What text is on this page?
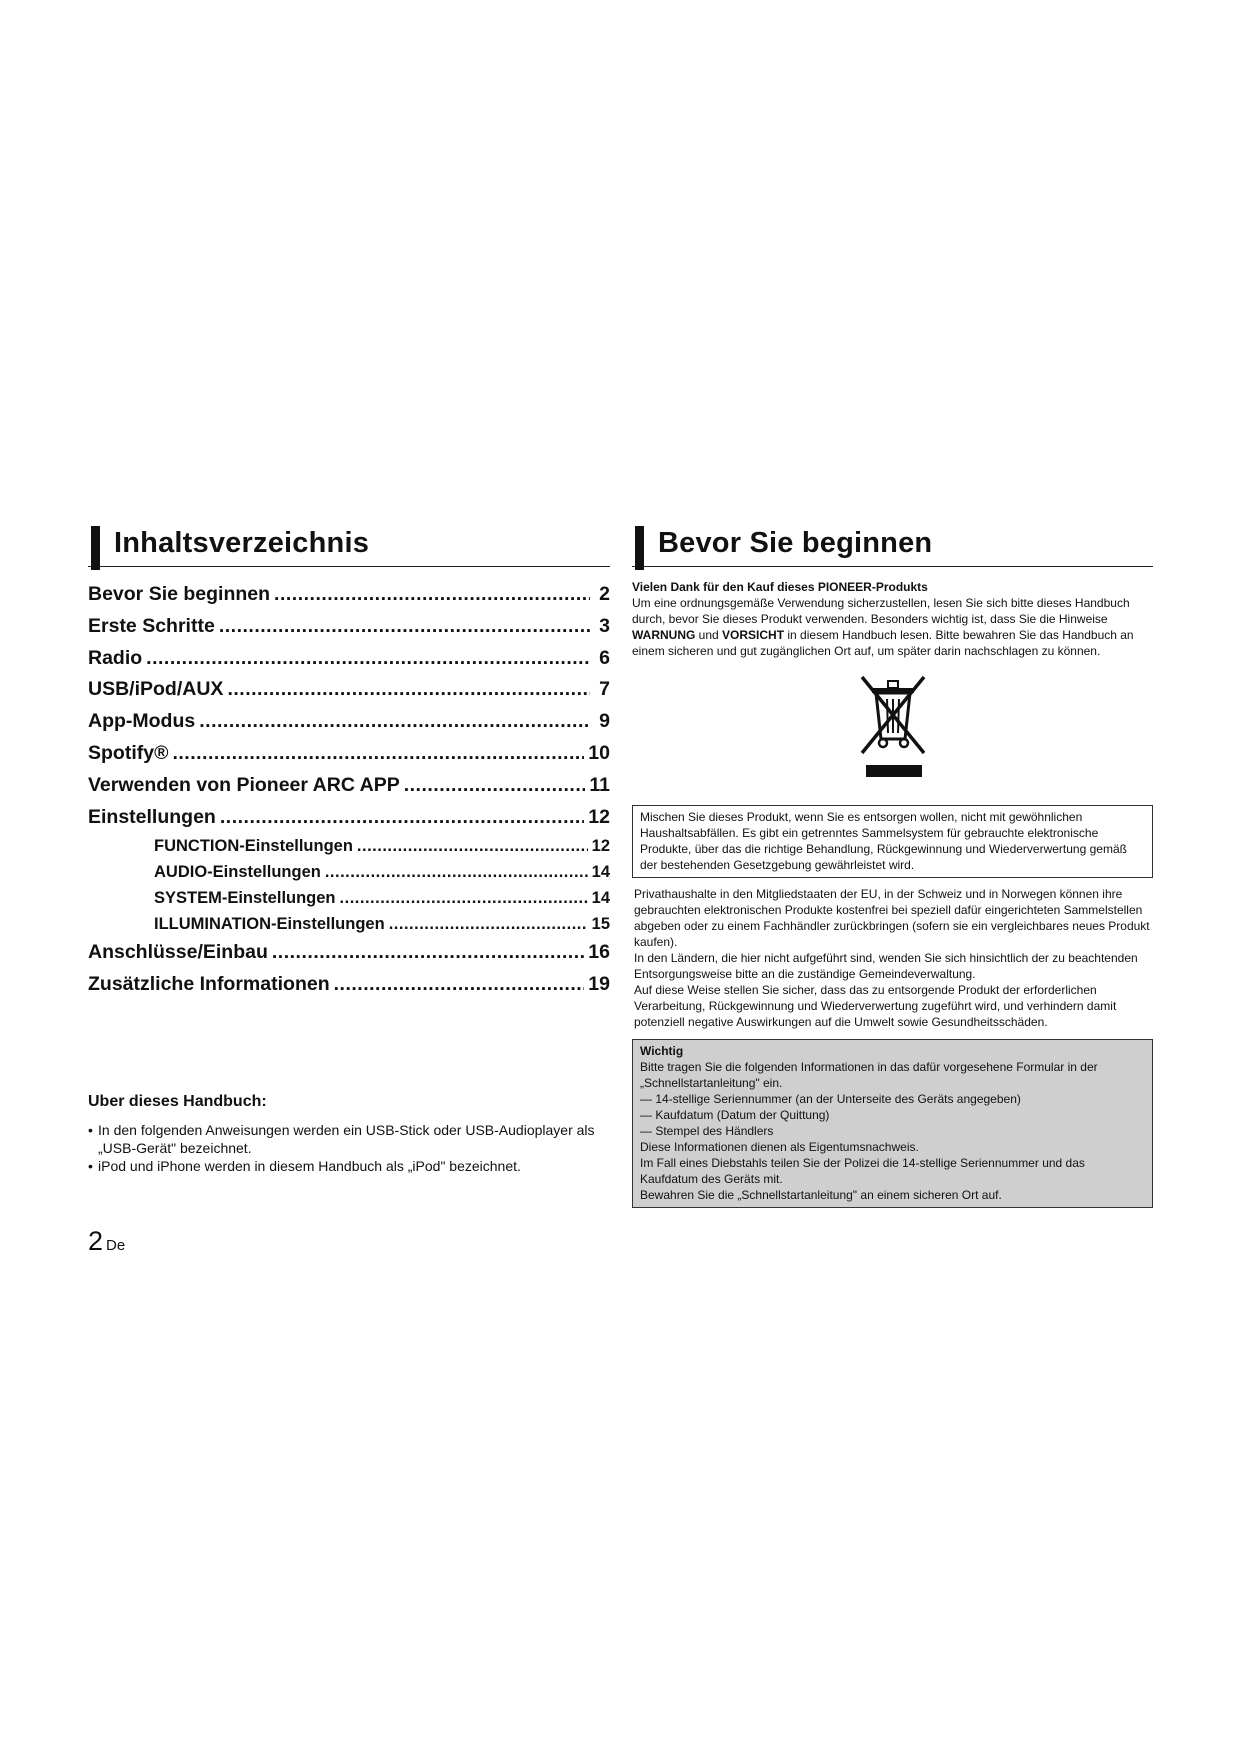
Inhaltsverzeichnis
Bevor Sie beginnen .....	2
Erste Schritte .....	3
Radio .....	6
USB/iPod/AUX .....	7
App-Modus .....	9
Spotify® .....	10
Verwenden von Pioneer ARC APP .....	11
Einstellungen .....	12
FUNCTION-Einstellungen .....	12
AUDIO-Einstellungen .....	14
SYSTEM-Einstellungen .....	14
ILLUMINATION-Einstellungen .....	15
Anschlüsse/Einbau .....	16
Zusätzliche Informationen .....	19
Uber dieses Handbuch:
• In den folgenden Anweisungen werden ein USB-Stick oder USB-Audioplayer als „USB-Gerät" bezeichnet.
• iPod und iPhone werden in diesem Handbuch als „iPod" bezeichnet.
Bevor Sie beginnen
Vielen Dank für den Kauf dieses PIONEER-Produkts
Um eine ordnungsgemäße Verwendung sicherzustellen, lesen Sie sich bitte dieses Handbuch durch, bevor Sie dieses Produkt verwenden. Besonders wichtig ist, dass Sie die Hinweise WARNUNG und VORSICHT in diesem Handbuch lesen. Bitte bewahren Sie das Handbuch an einem sicheren und gut zugänglichen Ort auf, um später darin nachschlagen zu können.
Mischen Sie dieses Produkt, wenn Sie es entsorgen wollen, nicht mit gewöhnlichen Haushaltsabfällen. Es gibt ein getrenntes Sammelsystem für gebrauchte elektronische Produkte, über das die richtige Behandlung, Rückgewinnung und Wiederverwertung gemäß der bestehenden Gesetzgebung gewährleistet wird.
Privathaushalte in den Mitgliedstaaten der EU, in der Schweiz und in Norwegen können ihre gebrauchten elektronischen Produkte kostenfrei bei speziell dafür eingerichteten Sammelstellen abgeben oder zu einem Fachhändler zurückbringen (sofern sie ein vergleichbares neues Produkt kaufen).
In den Ländern, die hier nicht aufgeführt sind, wenden Sie sich hinsichtlich der zu beachtenden Entsorgungsweise bitte an die zuständige Gemeindeverwaltung.
Auf diese Weise stellen Sie sicher, dass das zu entsorgende Produkt der erforderlichen Verarbeitung, Rückgewinnung und Wiederverwertung zugeführt wird, und verhindern damit potenziell negative Auswirkungen auf die Umwelt sowie Gesundheitsschäden.
Wichtig
Bitte tragen Sie die folgenden Informationen in das dafür vorgesehene Formular in der „Schnellstartanleitung" ein.
— 14-stellige Seriennummer (an der Unterseite des Geräts angegeben)
— Kaufdatum (Datum der Quittung)
— Stempel des Händlers
Diese Informationen dienen als Eigentumsnachweis.
Im Fall eines Diebstahls teilen Sie der Polizei die 14-stellige Seriennummer und das Kaufdatum des Geräts mit.
Bewahren Sie die „Schnellstartanleitung" an einem sicheren Ort auf.
2 De
